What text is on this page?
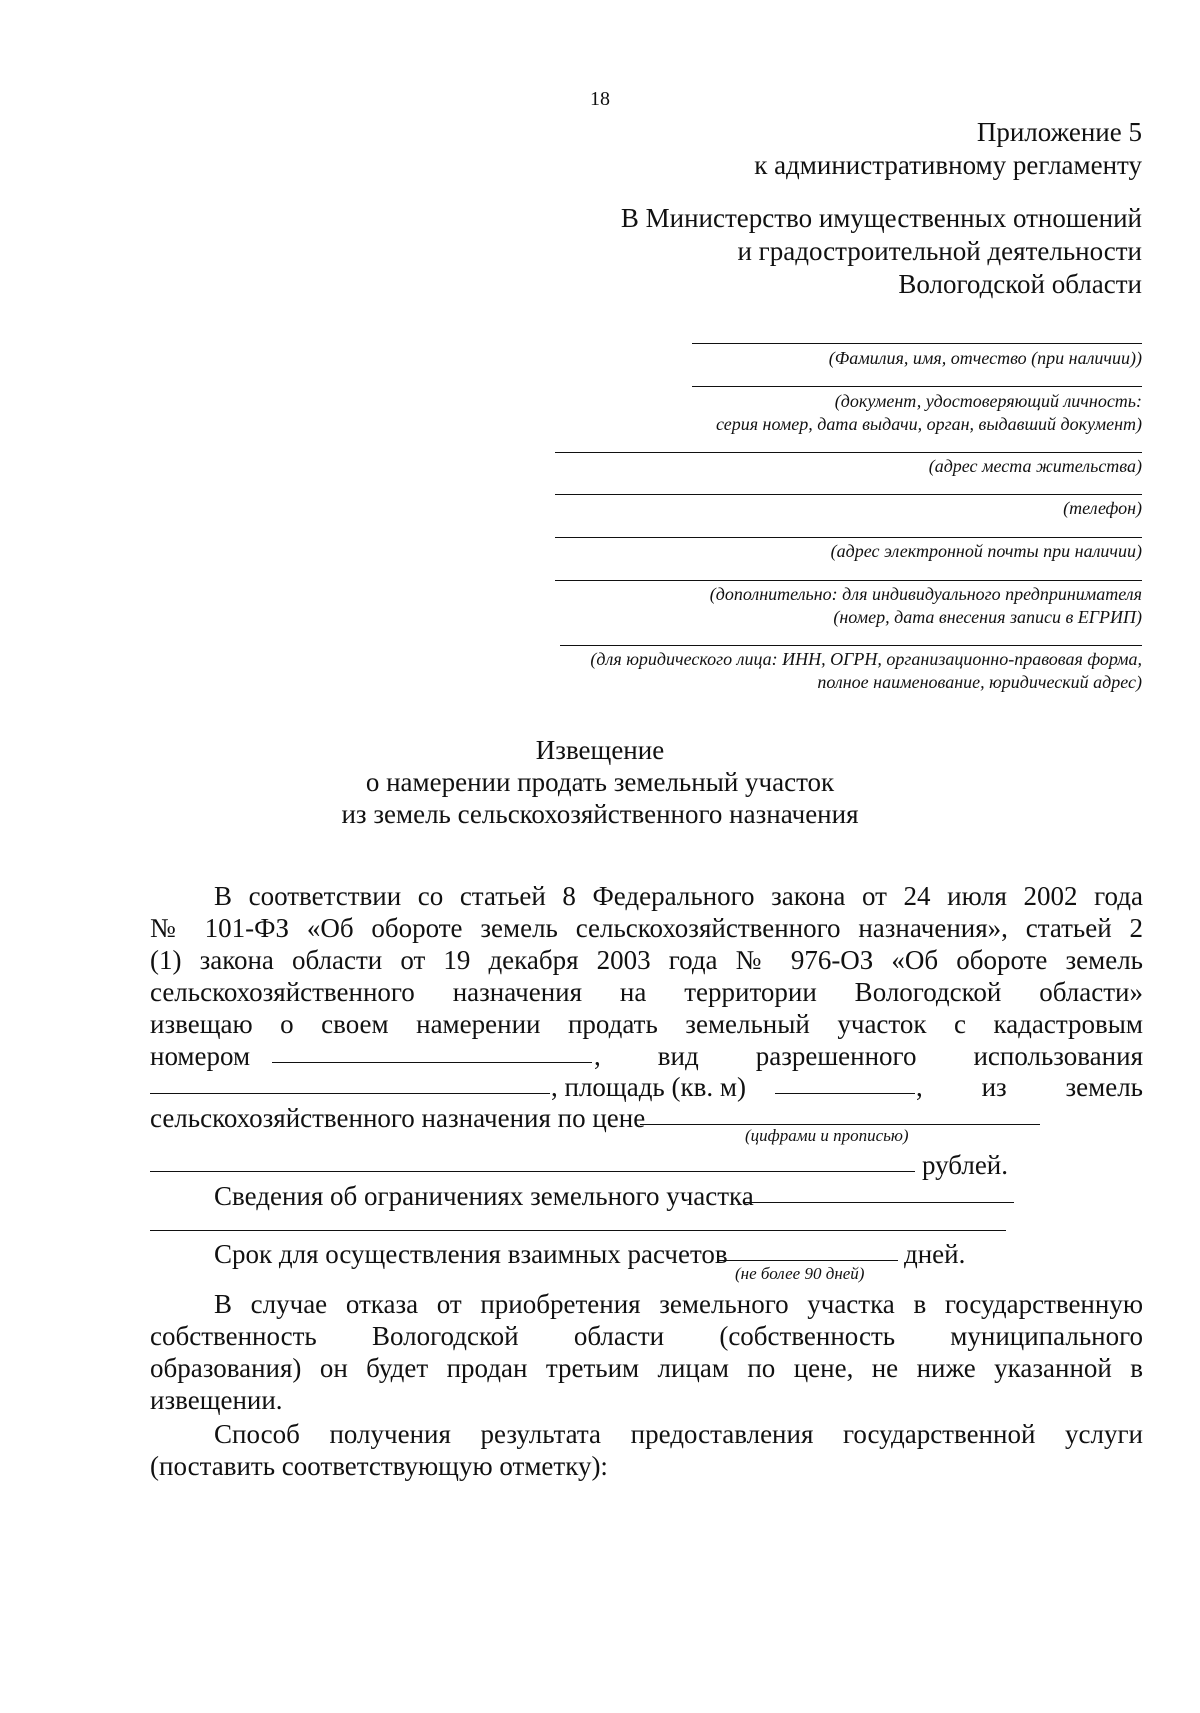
18
Приложение 5
к административному регламенту
В Министерство имущественных отношений
и градостроительной деятельности
Вологодской области
(Фамилия, имя, отчество (при наличии))
(документ, удостоверяющий личность:
серия номер, дата выдачи, орган, выдавший документ)
(адрес места жительства)
(телефон)
(адрес электронной почты при наличии)
(дополнительно: для индивидуального предпринимателя
(номер, дата внесения записи в ЕГРИП)
(для юридического лица: ИНН, ОГРН, организационно-правовая форма,
полное наименование, юридический адрес)
Извещение
о намерении продать земельный участок
из земель сельскохозяйственного назначения
В соответствии со статьей 8 Федерального закона от 24 июля 2002 года
№ 101-ФЗ «Об обороте земель сельскохозяйственного назначения», статьей 2
(1) закона области от 19 декабря 2003 года № 976-ОЗ «Об обороте земель
сельскохозяйственного назначения на территории Вологодской области»
извещаю о своем намерении продать земельный участок с кадастровым
номером	, вид разрешенного использования
, площадь (кв. м)	, из земель
сельскохозяйственного назначения по цене
(цифрами и прописью)
рублей.
Сведения об ограничениях земельного участка
Срок для осуществления взаимных расчетов	дней.
(не более 90 дней)
В случае отказа от приобретения земельного участка в государственную
собственность Вологодской области (собственность муниципального
образования) он будет продан третьим лицам по цене, не ниже указанной в
извещении.
Способ получения результата предоставления государственной услуги
(поставить соответствующую отметку):
